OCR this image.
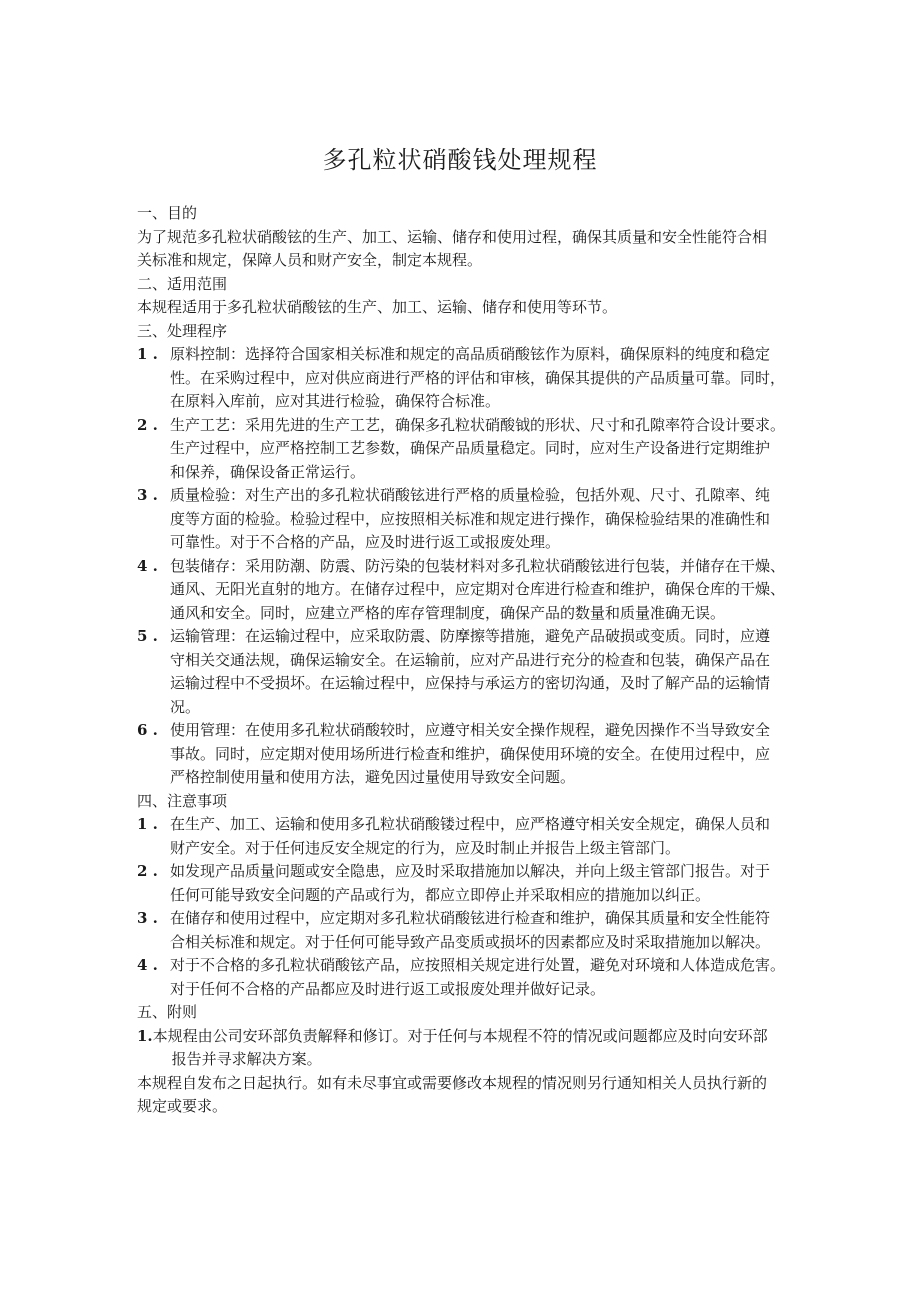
多孔粒状硝酸钱处理规程
一、目的
为了规范多孔粒状硝酸铉的生产、加工、运输、储存和使用过程，确保其质量和安全性能符合相
关标准和规定，保障人员和财产安全，制定本规程。
二、适用范围
本规程适用于多孔粒状硝酸铉的生产、加工、运输、储存和使用等环节。
三、处理程序
1 . 原料控制：选择符合国家相关标准和规定的高品质硝酸铉作为原料，确保原料的纯度和稳定
性。在采购过程中，应对供应商进行严格的评估和审核，确保其提供的产品质量可靠。同时，
在原料入库前，应对其进行检验，确保符合标准。
2 . 生产工艺：采用先进的生产工艺，确保多孔粒状硝酸钺的形状、尺寸和孔隙率符合设计要求。
生产过程中，应严格控制工艺参数，确保产品质量稳定。同时，应对生产设备进行定期维护
和保养，确保设备正常运行。
3 . 质量检验：对生产出的多孔粒状硝酸铉进行严格的质量检验，包括外观、尺寸、孔隙率、纯
度等方面的检验。检验过程中，应按照相关标准和规定进行操作，确保检验结果的准确性和
可靠性。对于不合格的产品，应及时进行返工或报废处理。
4 . 包装储存：采用防潮、防震、防污染的包装材料对多孔粒状硝酸铉进行包装，并储存在干燥、
通风、无阳光直射的地方。在储存过程中，应定期对仓库进行检查和维护，确保仓库的干燥、
通风和安全。同时，应建立严格的库存管理制度，确保产品的数量和质量准确无误。
5 . 运输管理：在运输过程中，应采取防震、防摩擦等措施，避免产品破损或变质。同时，应遵
守相关交通法规，确保运输安全。在运输前，应对产品进行充分的检查和包装，确保产品在
运输过程中不受损坏。在运输过程中，应保持与承运方的密切沟通，及时了解产品的运输情
况。
6 . 使用管理：在使用多孔粒状硝酸较时，应遵守相关安全操作规程，避免因操作不当导致安全
事故。同时，应定期对使用场所进行检查和维护，确保使用环境的安全。在使用过程中，应
严格控制使用量和使用方法，避免因过量使用导致安全问题。
四、注意事项
1 . 在生产、加工、运输和使用多孔粒状硝酸镂过程中，应严格遵守相关安全规定，确保人员和
财产安全。对于任何违反安全规定的行为，应及时制止并报告上级主管部门。
2 . 如发现产品质量问题或安全隐患，应及时采取措施加以解决，并向上级主管部门报告。对于
任何可能导致安全问题的产品或行为，都应立即停止并采取相应的措施加以纠正。
3 . 在储存和使用过程中，应定期对多孔粒状硝酸铉进行检查和维护，确保其质量和安全性能符
合相关标准和规定。对于任何可能导致产品变质或损坏的因素都应及时采取措施加以解决。
4 . 对于不合格的多孔粒状硝酸铉产品，应按照相关规定进行处置，避免对环境和人体造成危害。
对于任何不合格的产品都应及时进行返工或报废处理并做好记录。
五、附则
1. 本规程由公司安环部负责解释和修订。对于任何与本规程不符的情况或问题都应及时向安环部
报告并寻求解决方案。
本规程自发布之日起执行。如有未尽事宜或需要修改本规程的情况则另行通知相关人员执行新的
规定或要求。
